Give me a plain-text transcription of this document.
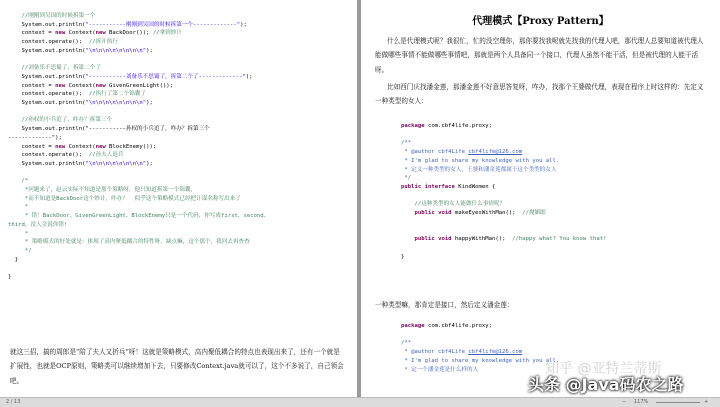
//刚刚到吴国的时候拆第一个
System.out.println("-----------刚刚到吴国的时候拆第一个-------------");
context = new Context(new BackDoor()); //拿到妙计
context.operate();  //拆开执行
System.out.println("\n\n\n\n\n\n\n\n");

//刘备乐不思蜀了，拆第二个了
System.out.println("-----------刘备乐不思蜀了，拆第二个了-------------");
context = new Context(new GivenGreenLight());
context.operate();  //执行了第二个锦囊了
System.out.println("\n\n\n\n\n\n\n\n");

//孙权的小兵追了，咋办？拆第三个
System.out.println("-----------孙权的小兵追了，咋办？拆第三个
-------------");
context = new Context(new BlockEnemy());
context.operate();  //孙夫人退兵
System.out.println("\n\n\n\n\n\n\n\n");

/*
*问题来了，赵云实际不知道是那个策略呀，他只知道拆第一个锦囊，
*而不知道是BackDoor这个妙计，咋办？  似乎这个策略模式已经把计谋名称写出来了
*
* 错！BackDoor、GivenGreenLight、BlockEnemy只是一个代码，你写成first、second、
third，没人会说你错!
*
* 策略模式的好处就是：体现了高内聚低耦合的特性呀，缺点嘛，这个那个，我回去再查查
*/
}

}
就这三招，搞的周郎是“陪了夫人又折兵”呀！这就是策略模式，高内聚低耦合的特点也表现出来了，还有一个就是扩展性，也就是OCP原则，策略类可以继续增加下去，只要修改Context.java就可以了，这个不多说了，自己领会吧。
代理模式【Proxy Pattern】
什么是代理模式呢？我很忙，忙的没空理你，那你要找我呢就先找我的代理人吧，那代理人总要知道被代理人能做哪些事情不能做哪些事情吧，那就是两个人具备同一个接口，代理人虽然不能干活，但是被代理的人能干活呀。
比如西门庆找潘金莲，那潘金莲不好意思答复呀，咋办，找那个王婆做代理，表现在程序上时这样的：先定义一种类型的女人：
package com.cbf4life.proxy;

/**
* @author cbf4Life cbf4life@126.com
* I'm glad to share my knowledge with you all.
* 定义一种类型的女人，王婆和潘金莲都属于这个类型的女人
*/
public interface KindWomen {

//这种类型的女人能做什么事情呢？
public void makeEyesWithMan();  //抛媚眼

public void happyWithMan();  //happy what? You know that!

}
一种类型嘛，那肯定是接口，然后定义潘金莲：
package com.cbf4life.proxy;

/**
* @author cbf4Life cbf4life@126.com
* I'm glad to share my knowledge with you all.
* 定一个潘金莲是什么样的人	知乎 @亚特兰蒂斯
头条 @Java码农之路
2 / 13	− 117%	+
